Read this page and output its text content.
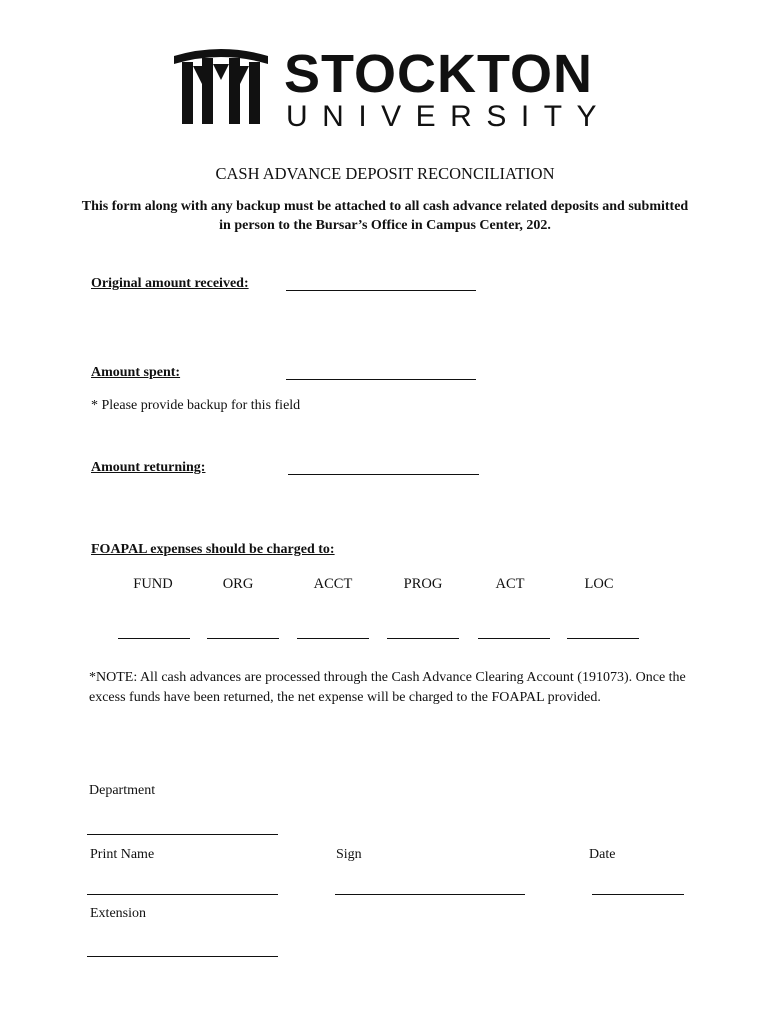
STOCKTON
UNIVERSITY
CASH ADVANCE DEPOSIT RECONCILIATION
This form along with any backup must be attached to all cash advance related deposits and submitted in person to the Bursar’s Office in Campus Center, 202.
Original amount received:
Amount spent:
* Please provide backup for this field
Amount returning:
FOAPAL expenses should be charged to:
FUND	ORG	ACCT	PROG	ACT	LOC
*NOTE: All cash advances are processed through the Cash Advance Clearing Account (191073). Once the excess funds have been returned, the net expense will be charged to the FOAPAL provided.
Department
Print Name	Sign	Date
Extension
